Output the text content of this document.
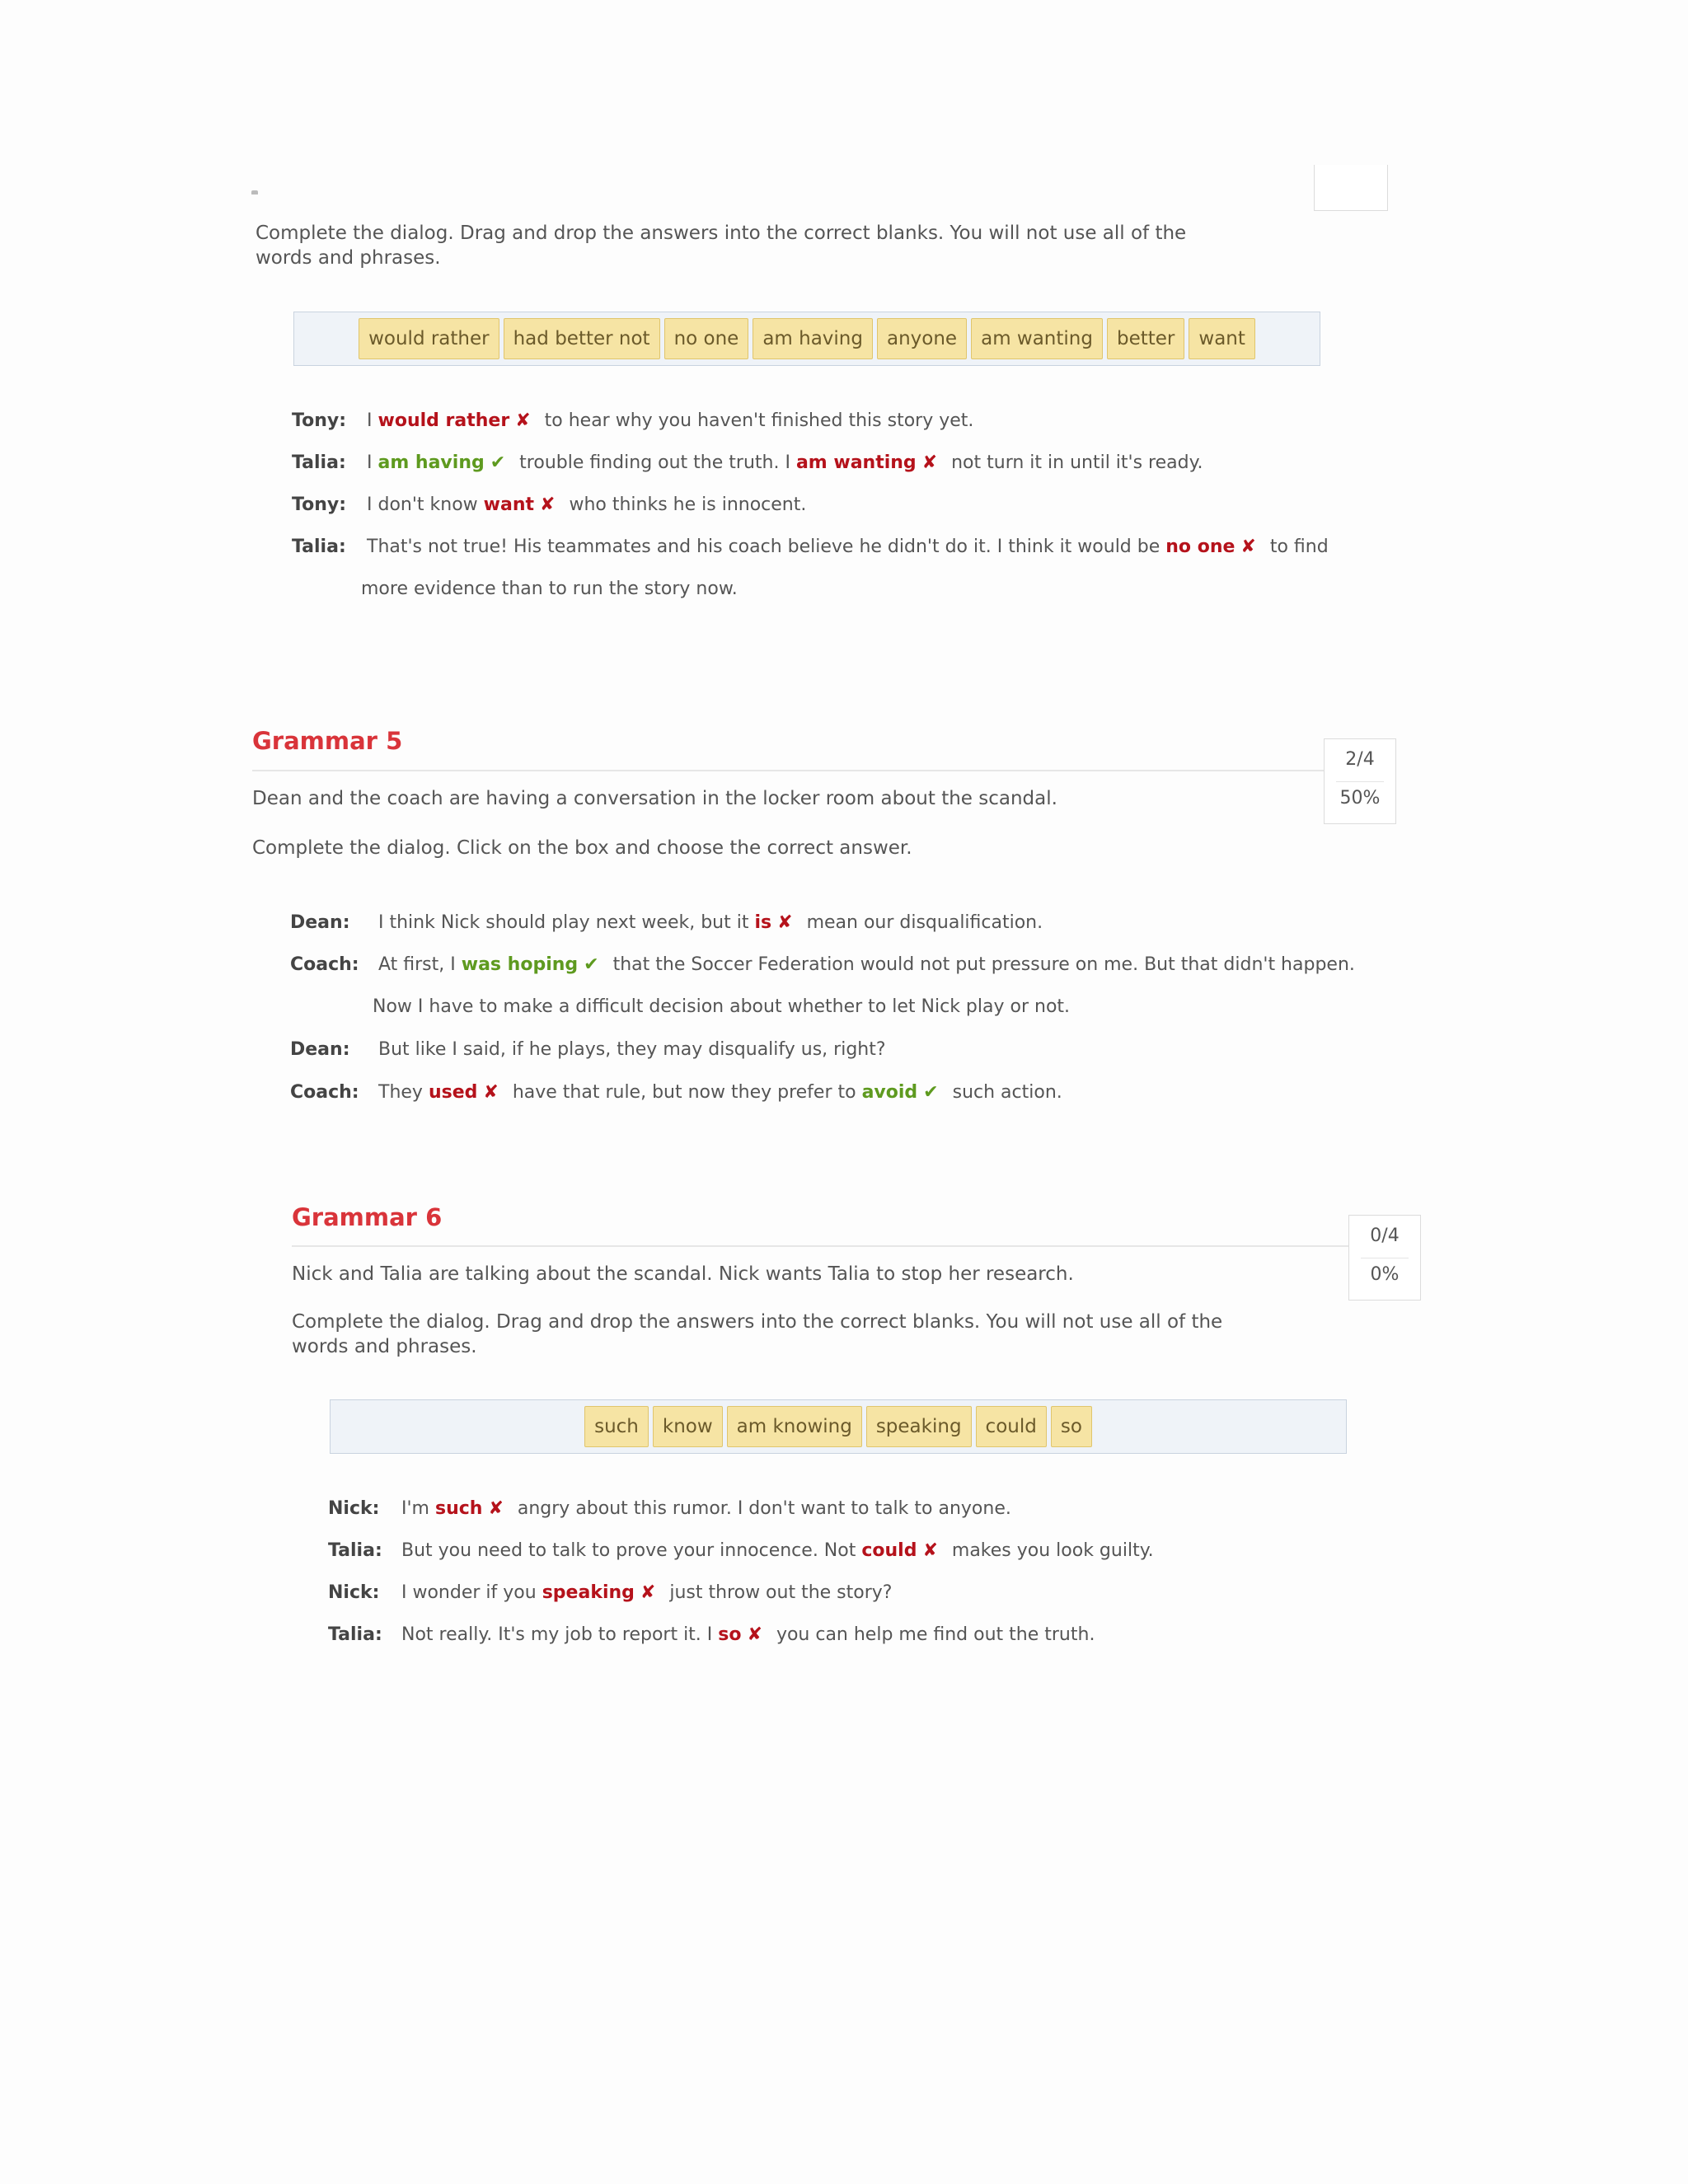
Complete the dialog. Drag and drop the answers into the correct blanks. You will not use all of the words and phrases.
would rather	had better not	no one	am having	anyone	am wanting	better	want
Tony: I would rather ✘ to hear why you haven't finished this story yet.
Talia: I am having ✔ trouble finding out the truth. I am wanting ✘ not turn it in until it's ready.
Tony: I don't know want ✘ who thinks he is innocent.
Talia: That's not true! His teammates and his coach believe he didn't do it. I think it would be no one ✘ to find
more evidence than to run the story now.
Grammar 5
2/4
50%
Dean and the coach are having a conversation in the locker room about the scandal.
Complete the dialog. Click on the box and choose the correct answer.
Dean: I think Nick should play next week, but it is ✘ mean our disqualification.
Coach: At first, I was hoping ✔ that the Soccer Federation would not put pressure on me. But that didn't happen.
Now I have to make a difficult decision about whether to let Nick play or not.
Dean: But like I said, if he plays, they may disqualify us, right?
Coach: They used ✘ have that rule, but now they prefer to avoid ✔ such action.
Grammar 6
0/4
0%
Nick and Talia are talking about the scandal. Nick wants Talia to stop her research.
Complete the dialog. Drag and drop the answers into the correct blanks. You will not use all of the words and phrases.
such	know	am knowing	speaking	could	so
Nick: I'm such ✘ angry about this rumor. I don't want to talk to anyone.
Talia: But you need to talk to prove your innocence. Not could ✘ makes you look guilty.
Nick: I wonder if you speaking ✘ just throw out the story?
Talia: Not really. It's my job to report it. I so ✘ you can help me find out the truth.
